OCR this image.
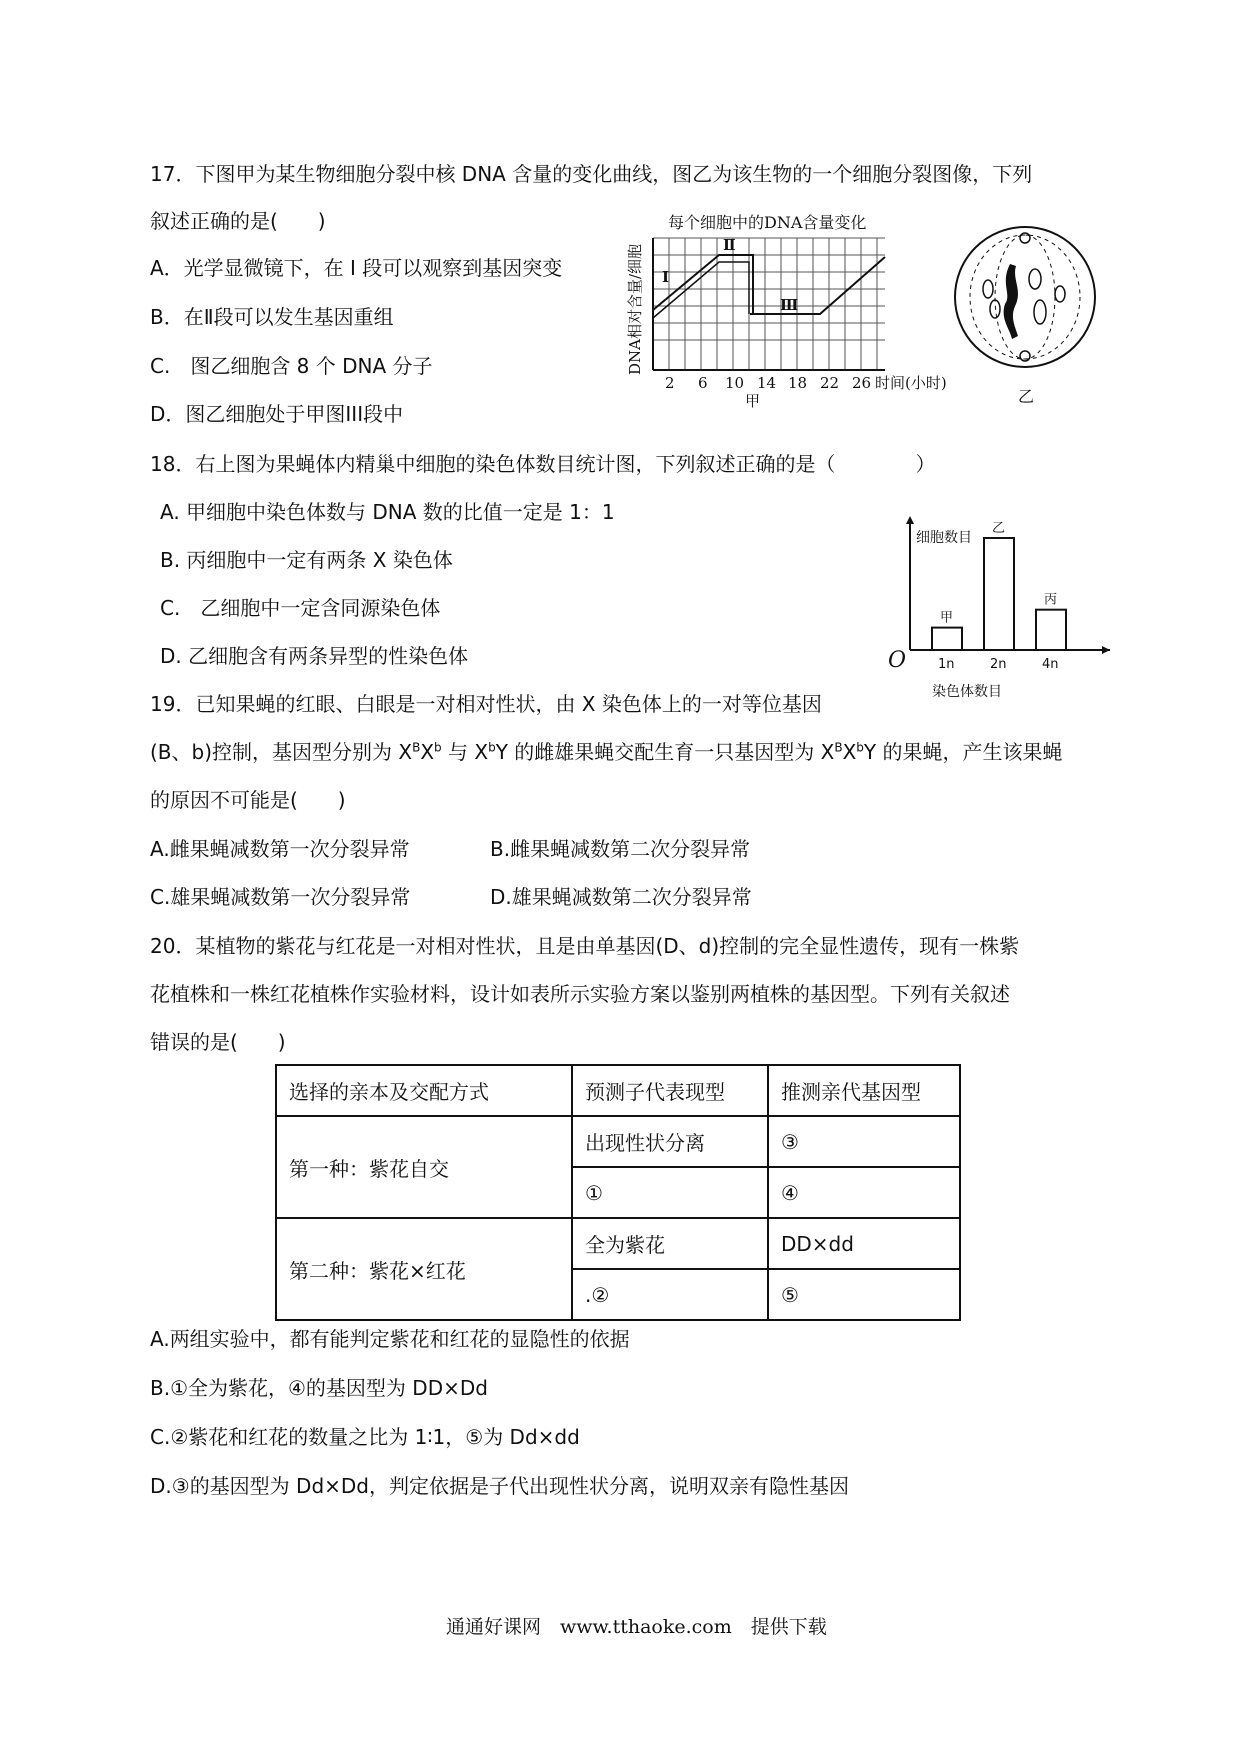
17．下图甲为某生物细胞分裂中核 DNA 含量的变化曲线，图乙为该生物的一个细胞分裂图像，下列
叙述正确的是(　　)
A．光学显微镜下，在 Ⅰ 段可以观察到基因突变
B．在Ⅱ段可以发生基因重组
C.　图乙细胞含 8 个 DNA 分子
D．图乙细胞处于甲图III段中
每个细胞中的DNA含量变化
DNA相对含量/细胞 Ⅰ
Ⅱ
Ⅲ
2 6 10 14 18 22 26 时间(小时)
甲	乙
18．右上图为果蝇体内精巢中细胞的染色体数目统计图，下列叙述正确的是（　　　　）
A. 甲细胞中染色体数与 DNA 数的比值一定是 1：1
B. 丙细胞中一定有两条 X 染色体
C.　乙细胞中一定含同源染色体
D. 乙细胞含有两条异型的性染色体
细胞数目
O
染色体数目
甲
1n
乙
2n
丙
4n
19．已知果蝇的红眼、白眼是一对相对性状，由 X 染色体上的一对等位基因
(B、b)控制，基因型分别为 $X^BX^b$ 与 $X^bY$ 的雌雄果蝇交配生育一只基因型为 $X^BX^bY$ 的果蝇，产生该果蝇
的原因不可能是(　　)
A.雌果蝇减数第一次分裂异常	B.雌果蝇减数第二次分裂异常
C.雄果蝇减数第一次分裂异常	D.雄果蝇减数第二次分裂异常
20．某植物的紫花与红花是一对相对性状，且是由单基因(D、d)控制的完全显性遗传，现有一株紫
花植株和一株红花植株作实验材料，设计如表所示实验方案以鉴别两植株的基因型。下列有关叙述
错误的是(　　)
选择的亲本及交配方式	预测子代表现型	推测亲代基因型
第一种：紫花自交	出现性状分离	③
	①	④
第二种：紫花×红花	全为紫花	DD×dd
	.②	⑤
A.两组实验中，都有能判定紫花和红花的显隐性的依据
B.①全为紫花，④的基因型为 DD×Dd
C.②紫花和红花的数量之比为 1∶1，⑤为 Dd×dd
D.③的基因型为 Dd×Dd，判定依据是子代出现性状分离，说明双亲有隐性基因
通通好课网　www.tthaoke.com　提供下载
